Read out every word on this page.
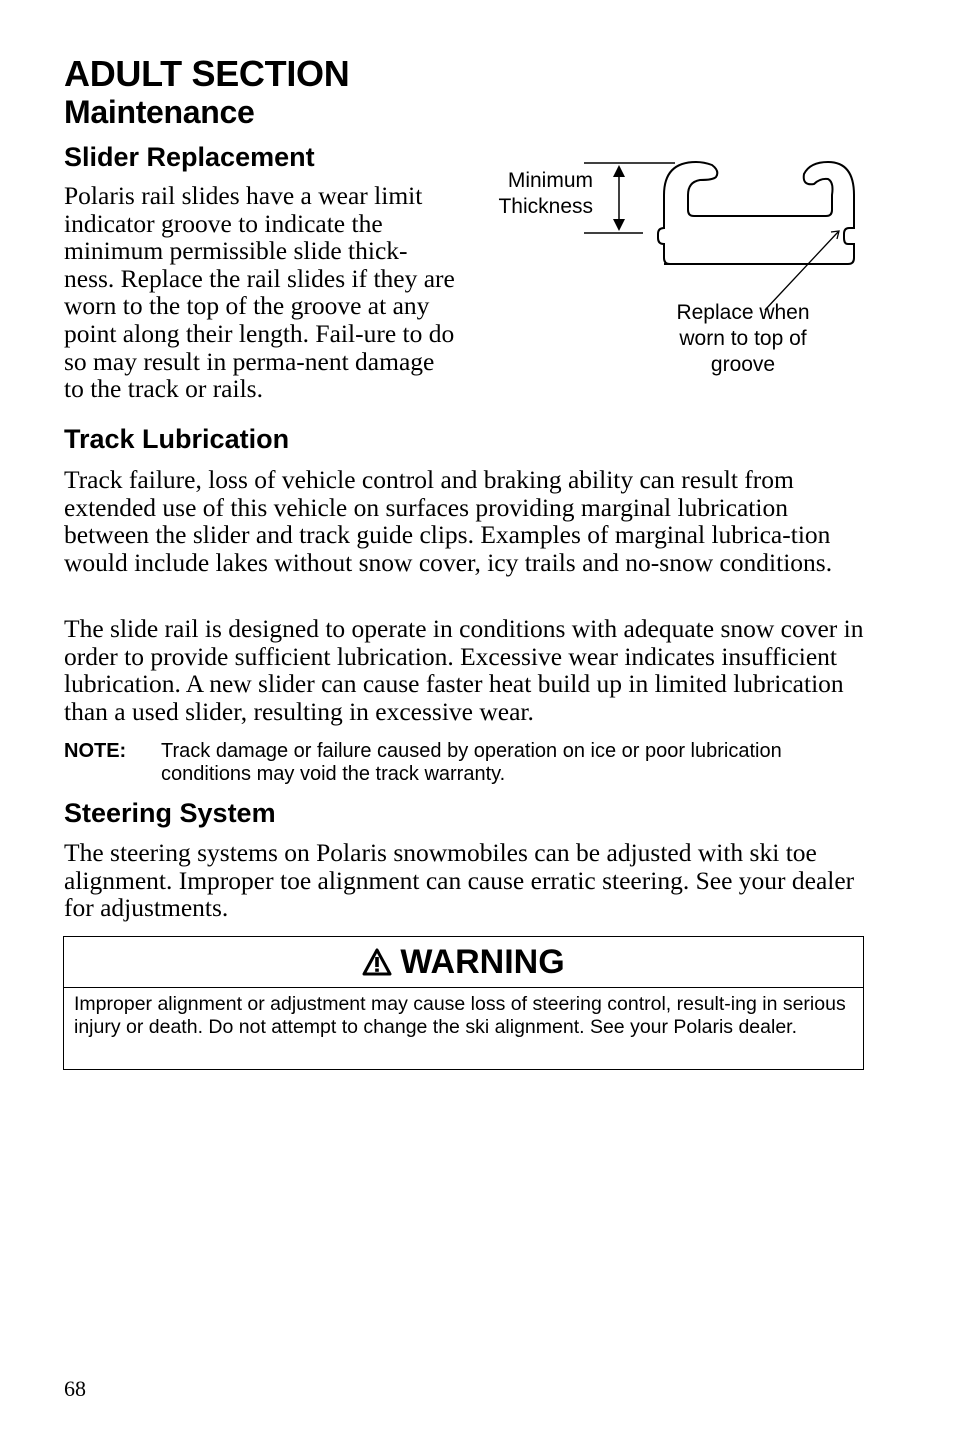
ADULT SECTION
Maintenance
Slider Replacement

Polaris rail slides have a wear limit indicator groove to indicate the minimum permissible slide thick-ness. Replace the rail slides if they are worn to the top of the groove at any point along their length. Fail-ure to do so may result in perma-nent damage to the track or rails.

Minimum
Thickness
Replace when
worn to top of
groove
Track Lubrication

Track failure, loss of vehicle control and braking ability can result from extended use of this vehicle on surfaces providing marginal lubrication between the slider and track guide clips. Examples of marginal lubrica-tion would include lakes without snow cover, icy trails and no-snow conditions.

The slide rail is designed to operate in conditions with adequate snow cover in order to provide sufficient lubrication. Excessive wear indicates insufficient lubrication. A new slider can cause faster heat build up in limited lubrication than a used slider, resulting in excessive wear.

NOTE: Track damage or failure caused by operation on ice or poor lubrication conditions may void the track warranty.
Steering System

The steering systems on Polaris snowmobiles can be adjusted with ski toe alignment. Improper toe alignment can cause erratic steering. See your dealer for adjustments.

WARNING
Improper alignment or adjustment may cause loss of steering control, result-ing in serious injury or death. Do not attempt to change the ski alignment. See your Polaris dealer.
68
